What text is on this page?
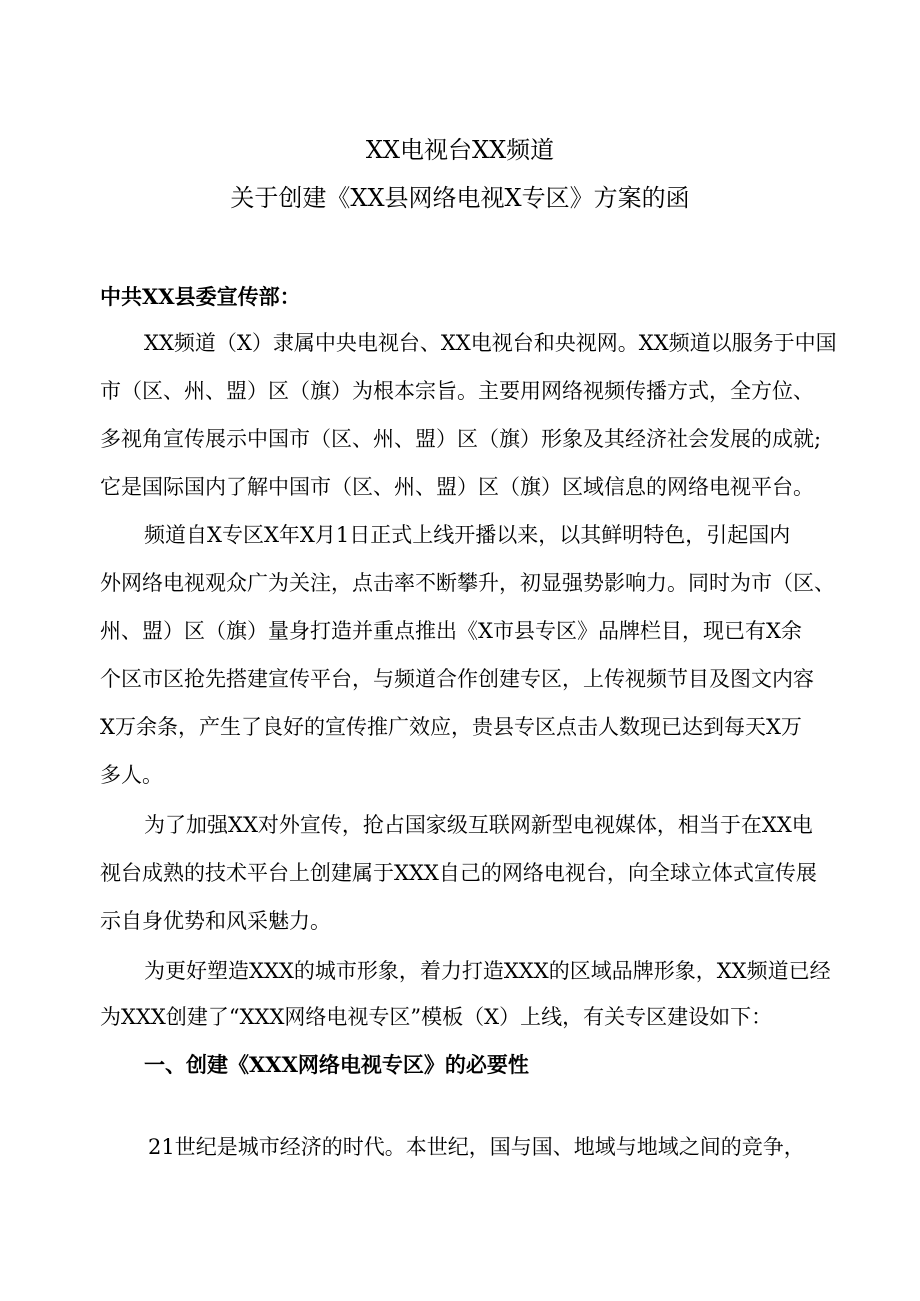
XX电视台XX频道
关于创建《XX县网络电视X专区》方案的函
中共XX县委宣传部：
XX频道（X）隶属中央电视台、XX电视台和央视网。XX频道以服务于中国
市（区、州、盟）区（旗）为根本宗旨。主要用网络视频传播方式，全方位、
多视角宣传展示中国市（区、州、盟）区（旗）形象及其经济社会发展的成就;
它是国际国内了解中国市（区、州、盟）区（旗）区域信息的网络电视平台。
频道自X专区X年X月1日正式上线开播以来，以其鲜明特色，引起国内
外网络电视观众广为关注，点击率不断攀升，初显强势影响力。同时为市（区、
州、盟）区（旗）量身打造并重点推出《X市县专区》品牌栏目，现已有X余
个区市区抢先搭建宣传平台，与频道合作创建专区，上传视频节目及图文内容
X万余条，产生了良好的宣传推广效应，贵县专区点击人数现已达到每天X万
多人。
为了加强XX对外宣传，抢占国家级互联网新型电视媒体，相当于在XX电
视台成熟的技术平台上创建属于XXX自己的网络电视台，向全球立体式宣传展
示自身优势和风采魅力。
为更好塑造XXX的城市形象，着力打造XXX的区域品牌形象，XX频道已经
为XXX创建了“XXX网络电视专区”模板（X）上线，有关专区建设如下：
一、创建《XXX网络电视专区》的必要性
21世纪是城市经济的时代。本世纪，国与国、地域与地域之间的竞争，
